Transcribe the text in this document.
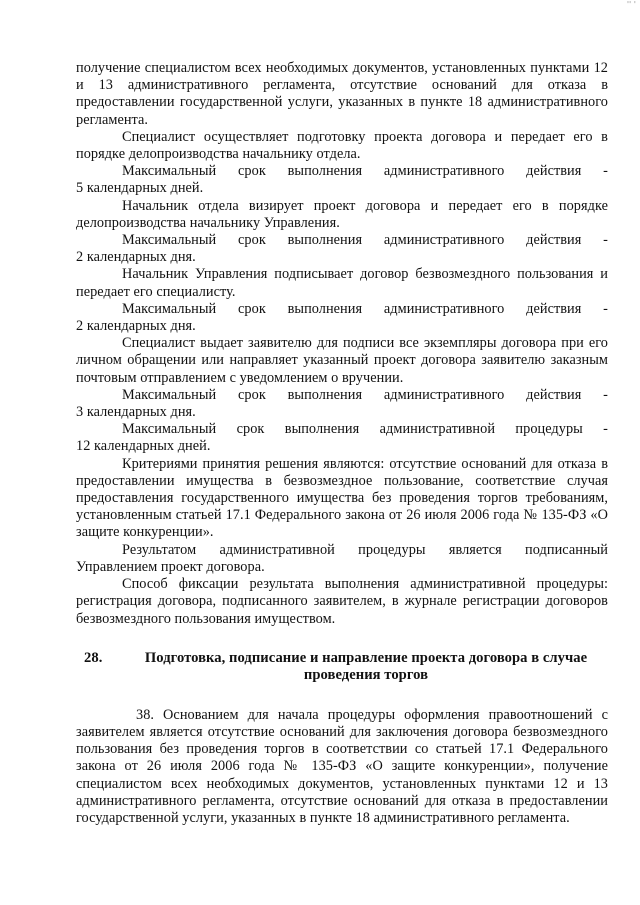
'' '

получение специалистом всех необходимых документов, установленных пунктами 12 и 13 административного регламента, отсутствие оснований для отказа в предоставлении государственной услуги, указанных в пункте 18 административного регламента.

Специалист осуществляет подготовку проекта договора и передает его в порядке делопроизводства начальнику отдела.

Максимальный срок выполнения административного действия -

5 календарных дней.

Начальник отдела визирует проект договора и передает его в порядке делопроизводства начальнику Управления.

Максимальный срок выполнения административного действия -

2 календарных дня.

Начальник Управления подписывает договор безвозмездного пользования и передает его специалисту.

Максимальный срок выполнения административного действия -

2 календарных дня.

Специалист выдает заявителю для подписи все экземпляры договора при его личном обращении или направляет указанный проект договора заявителю заказным почтовым отправлением с уведомлением о вручении.

Максимальный срок выполнения административного действия -

3 календарных дня.

Максимальный срок выполнения административной процедуры -

12 календарных дней.

Критериями принятия решения являются: отсутствие оснований для отказа в предоставлении имущества в безвозмездное пользование, соответствие случая предоставления государственного имущества без проведения торгов требованиям, установленным статьей 17.1 Федерального закона от 26 июля 2006 года № 135-ФЗ «О защите конкуренции».

Результатом административной процедуры является подписанный Управлением проект договора.

Способ фиксации результата выполнения административной процедуры: регистрация договора, подписанного заявителем, в журнале регистрации договоров безвозмездного пользования имуществом.

28.	Подготовка, подписание и направление проекта договора в случае проведения торгов

38. Основанием для начала процедуры оформления правоотношений с заявителем является отсутствие оснований для заключения договора безвозмездного пользования без проведения торгов в соответствии со статьей 17.1 Федерального закона от 26 июля 2006 года № 135-ФЗ «О защите конкуренции», получение специалистом всех необходимых документов, установленных пунктами 12 и 13 административного регламента, отсутствие оснований для отказа в предоставлении государственной услуги, указанных в пункте 18 административного регламента.
